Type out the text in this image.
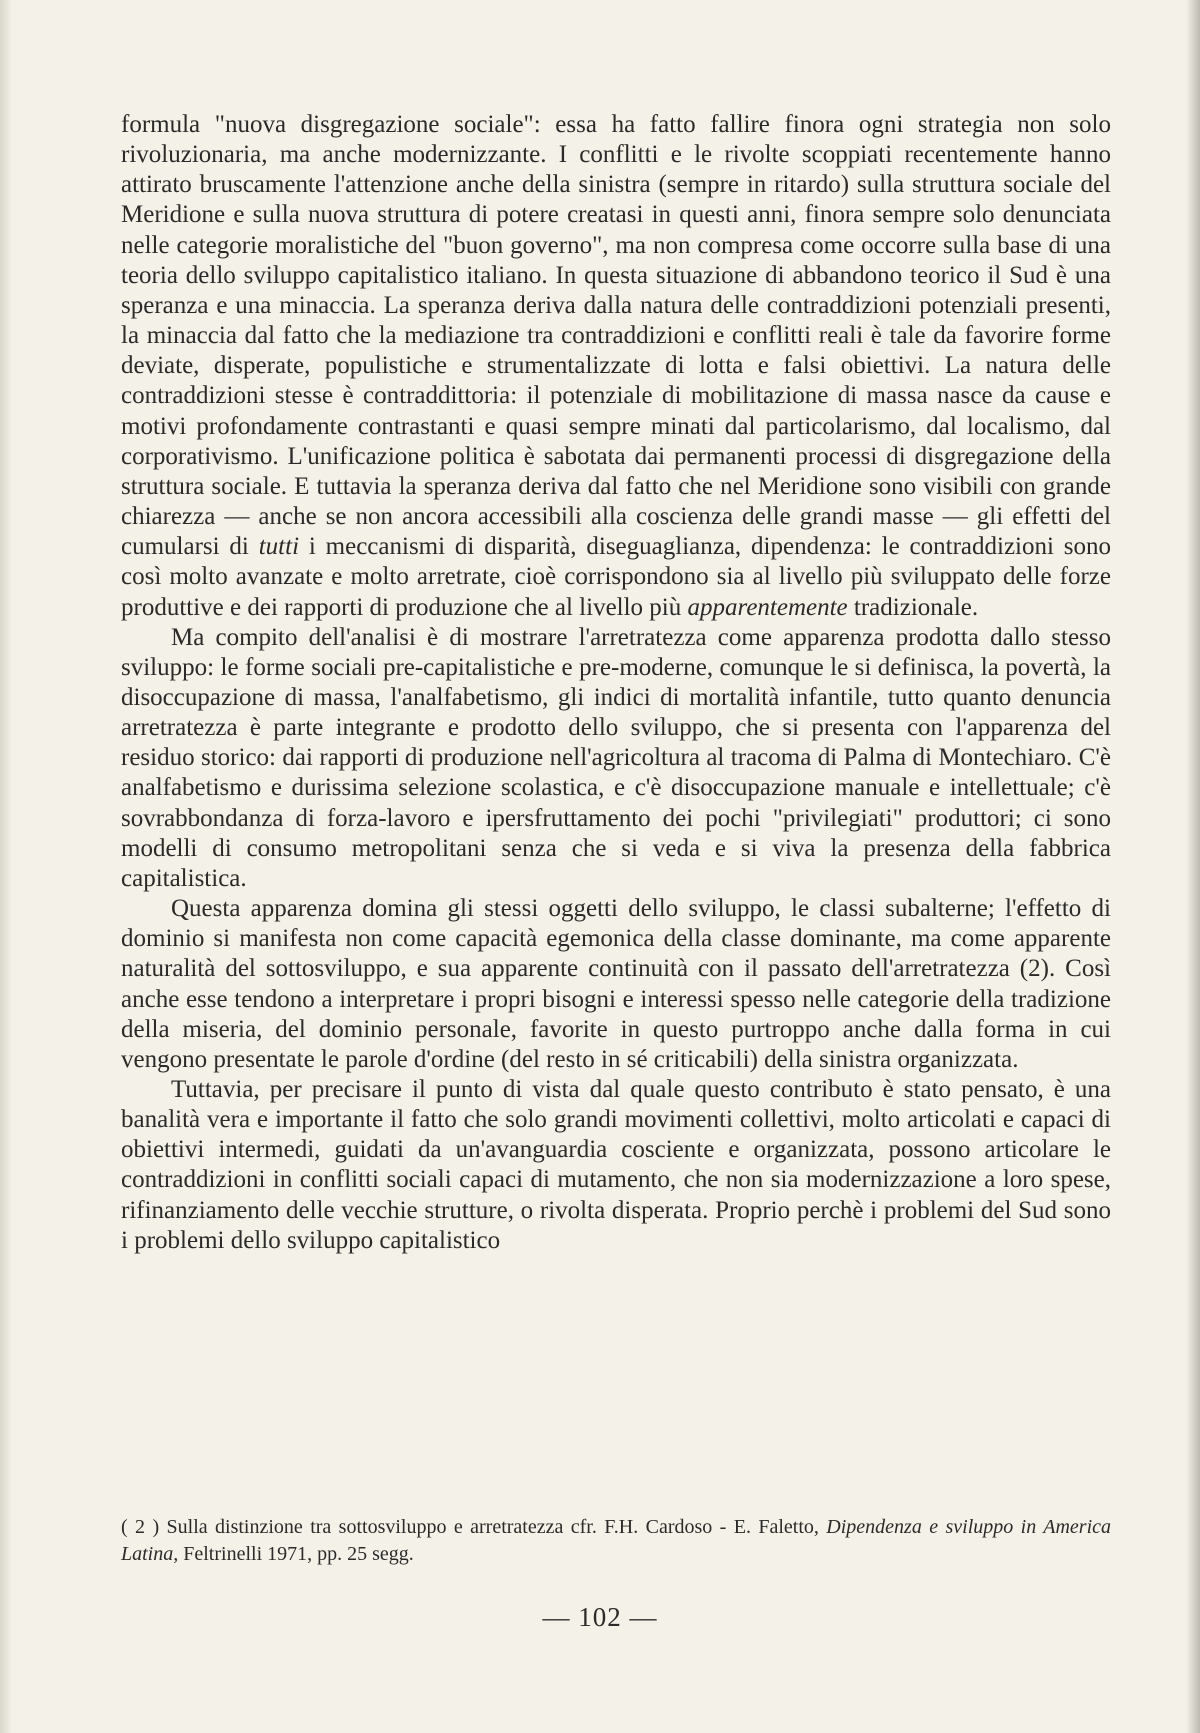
formula "nuova disgregazione sociale": essa ha fatto fallire finora ogni strategia non solo rivoluzionaria, ma anche modernizzante. I conflitti e le rivolte scoppiati recentemente hanno attirato bruscamente l'attenzione anche della sinistra (sempre in ritardo) sulla struttura sociale del Meridione e sulla nuova struttura di potere creatasi in questi anni, finora sempre solo denunciata nelle categorie moralistiche del "buon governo", ma non compresa come occorre sulla base di una teoria dello sviluppo capitalistico italiano. In questa situazione di abbandono teorico il Sud è una speranza e una minaccia. La speranza deriva dalla natura delle contraddizioni potenziali presenti, la minaccia dal fatto che la mediazione tra contraddizioni e conflitti reali è tale da favorire forme deviate, disperate, populistiche e strumentalizzate di lotta e falsi obiettivi. La natura delle contraddizioni stesse è contraddittoria: il potenziale di mobilitazione di massa nasce da cause e motivi profondamente contrastanti e quasi sempre minati dal particolarismo, dal localismo, dal corporativismo. L'unificazione politica è sabotata dai permanenti processi di disgregazione della struttura sociale. E tuttavia la speranza deriva dal fatto che nel Meridione sono visibili con grande chiarezza — anche se non ancora accessibili alla coscienza delle grandi masse — gli effetti del cumularsi di tutti i meccanismi di disparità, diseguaglianza, dipendenza: le contraddizioni sono così molto avanzate e molto arretrate, cioè corrispondono sia al livello più sviluppato delle forze produttive e dei rapporti di produzione che al livello più apparentemente tradizionale.

Ma compito dell'analisi è di mostrare l'arretratezza come apparenza prodotta dallo stesso sviluppo: le forme sociali pre-capitalistiche e pre-moderne, comunque le si definisca, la povertà, la disoccupazione di massa, l'analfabetismo, gli indici di mortalità infantile, tutto quanto denuncia arretratezza è parte integrante e prodotto dello sviluppo, che si presenta con l'apparenza del residuo storico: dai rapporti di produzione nell'agricoltura al tracoma di Palma di Montechiaro. C'è analfabetismo e durissima selezione scolastica, e c'è disoccupazione manuale e intellettuale; c'è sovrabbondanza di forza-lavoro e ipersfruttamento dei pochi "privilegiati" produttori; ci sono modelli di consumo metropolitani senza che si veda e si viva la presenza della fabbrica capitalistica.

Questa apparenza domina gli stessi oggetti dello sviluppo, le classi subalterne; l'effetto di dominio si manifesta non come capacità egemonica della classe dominante, ma come apparente naturalità del sottosviluppo, e sua apparente continuità con il passato dell'arretratezza (2). Così anche esse tendono a interpretare i propri bisogni e interessi spesso nelle categorie della tradizione della miseria, del dominio personale, favorite in questo purtroppo anche dalla forma in cui vengono presentate le parole d'ordine (del resto in sé criticabili) della sinistra organizzata.

Tuttavia, per precisare il punto di vista dal quale questo contributo è stato pensato, è una banalità vera e importante il fatto che solo grandi movimenti collettivi, molto articolati e capaci di obiettivi intermedi, guidati da un'avanguardia cosciente e organizzata, possono articolare le contraddizioni in conflitti sociali capaci di mutamento, che non sia modernizzazione a loro spese, rifinanziamento delle vecchie strutture, o rivolta disperata. Proprio perchè i problemi del Sud sono i problemi dello sviluppo capitalistico

( 2 ) Sulla distinzione tra sottosviluppo e arretratezza cfr. F.H. Cardoso - E. Faletto, Dipendenza e sviluppo in America Latina, Feltrinelli 1971, pp. 25 segg.
— 102 —
